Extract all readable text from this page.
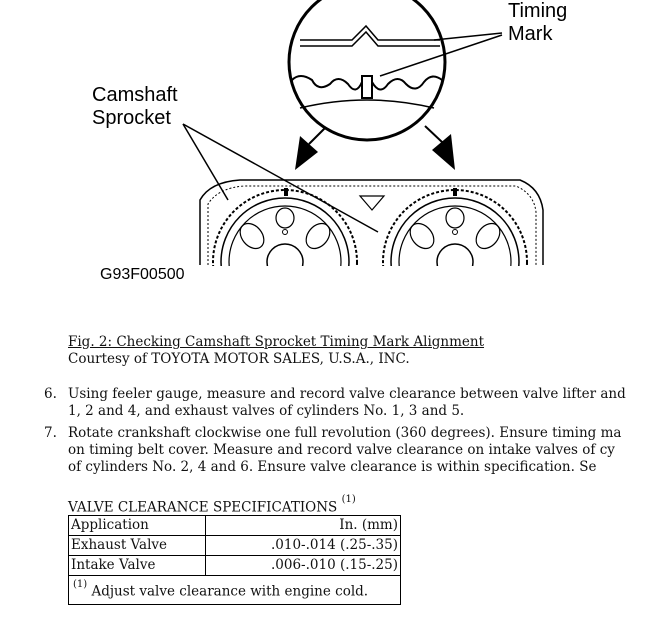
Timing
Mark
Camshaft
Sprocket
G93F00500
Fig. 2: Checking Camshaft Sprocket Timing Mark Alignment
Courtesy of TOYOTA MOTOR SALES, U.S.A., INC.
6. Using feeler gauge, measure and record valve clearance between valve lifter and
1, 2 and 4, and exhaust valves of cylinders No. 1, 3 and 5.
7. Rotate crankshaft clockwise one full revolution (360 degrees). Ensure timing ma
on timing belt cover. Measure and record valve clearance on intake valves of cy
of cylinders No. 2, 4 and 6. Ensure valve clearance is within specification. Se
VALVE CLEARANCE SPECIFICATIONS $^{(1)}$
Application	In. (mm)
Exhaust Valve	.010-.014 (.25-.35)
Intake Valve	.006-.010 (.15-.25)
$^{(1)}$ Adjust valve clearance with engine cold.	
